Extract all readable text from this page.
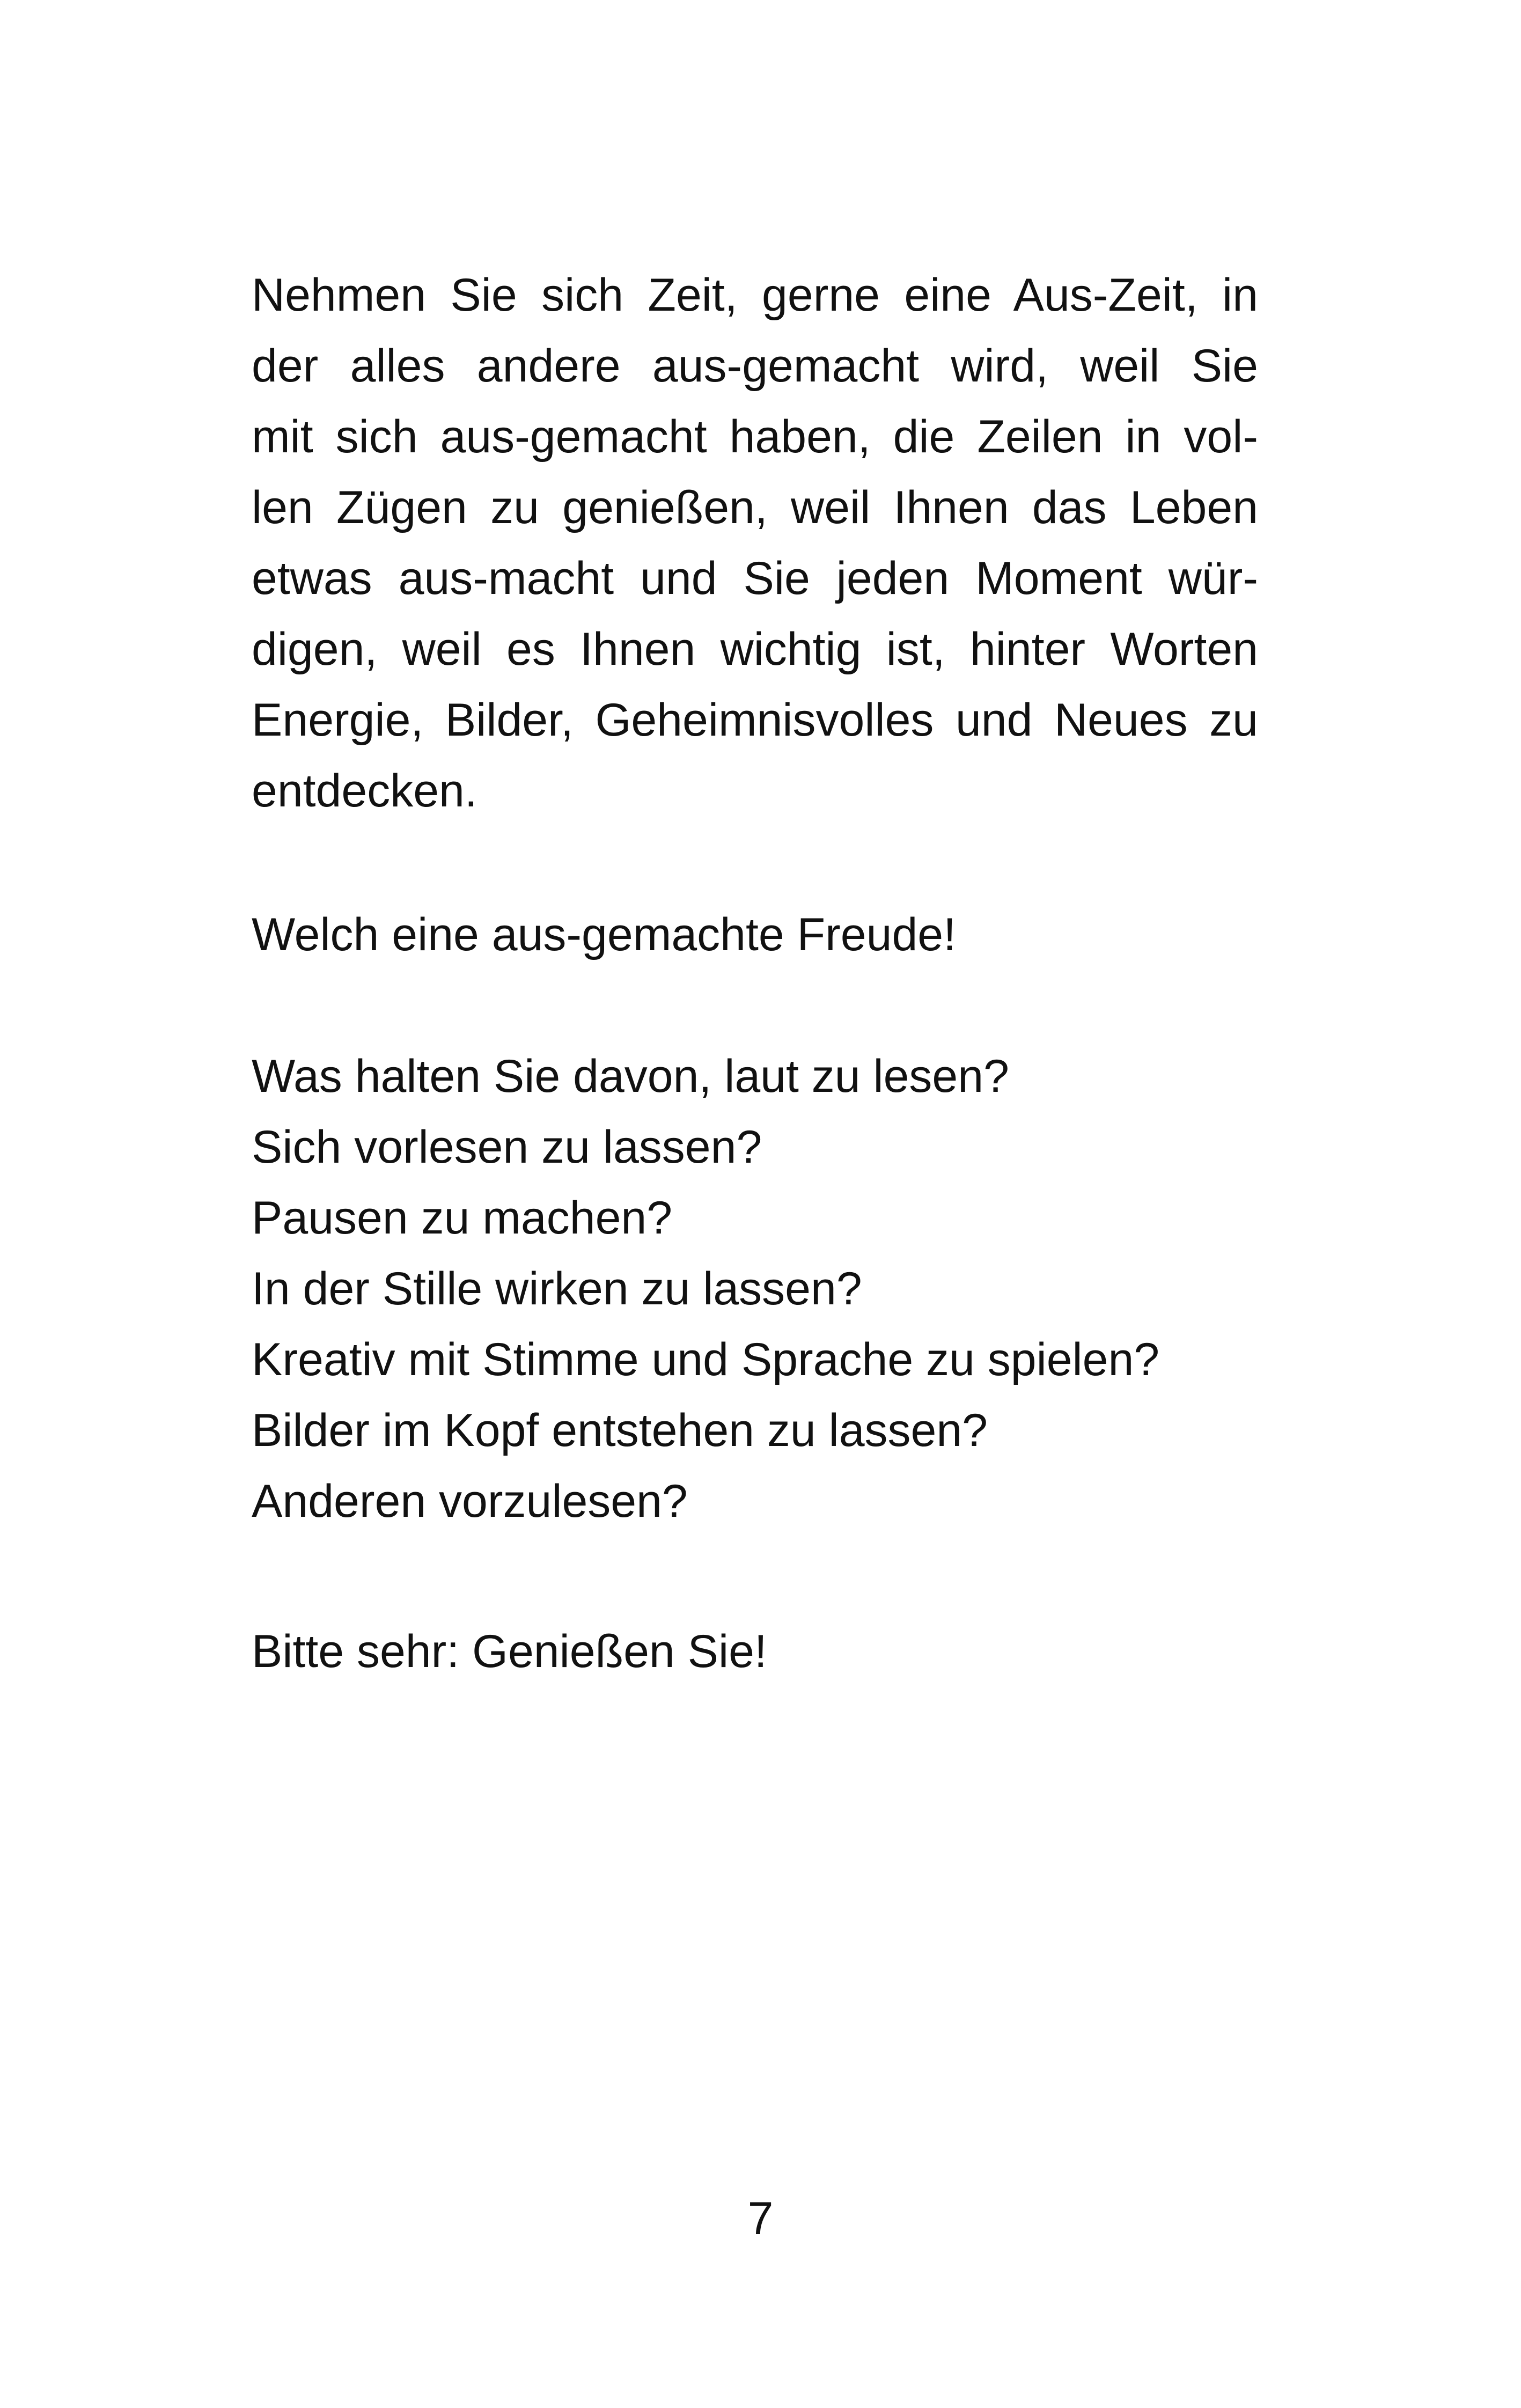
Nehmen Sie sich Zeit, gerne eine Aus-Zeit, in
der alles andere aus-gemacht wird, weil Sie
mit sich aus-gemacht haben, die Zeilen in vol-
len Zügen zu genießen, weil Ihnen das Leben
etwas aus-macht und Sie jeden Moment wür-
digen, weil es Ihnen wichtig ist, hinter Worten
Energie, Bilder, Geheimnisvolles und Neues zu
entdecken.
Welch eine aus-gemachte Freude!
Was halten Sie davon, laut zu lesen?
Sich vorlesen zu lassen?
Pausen zu machen?
In der Stille wirken zu lassen?
Kreativ mit Stimme und Sprache zu spielen?
Bilder im Kopf entstehen zu lassen?
Anderen vorzulesen?
Bitte sehr: Genießen Sie!
7
